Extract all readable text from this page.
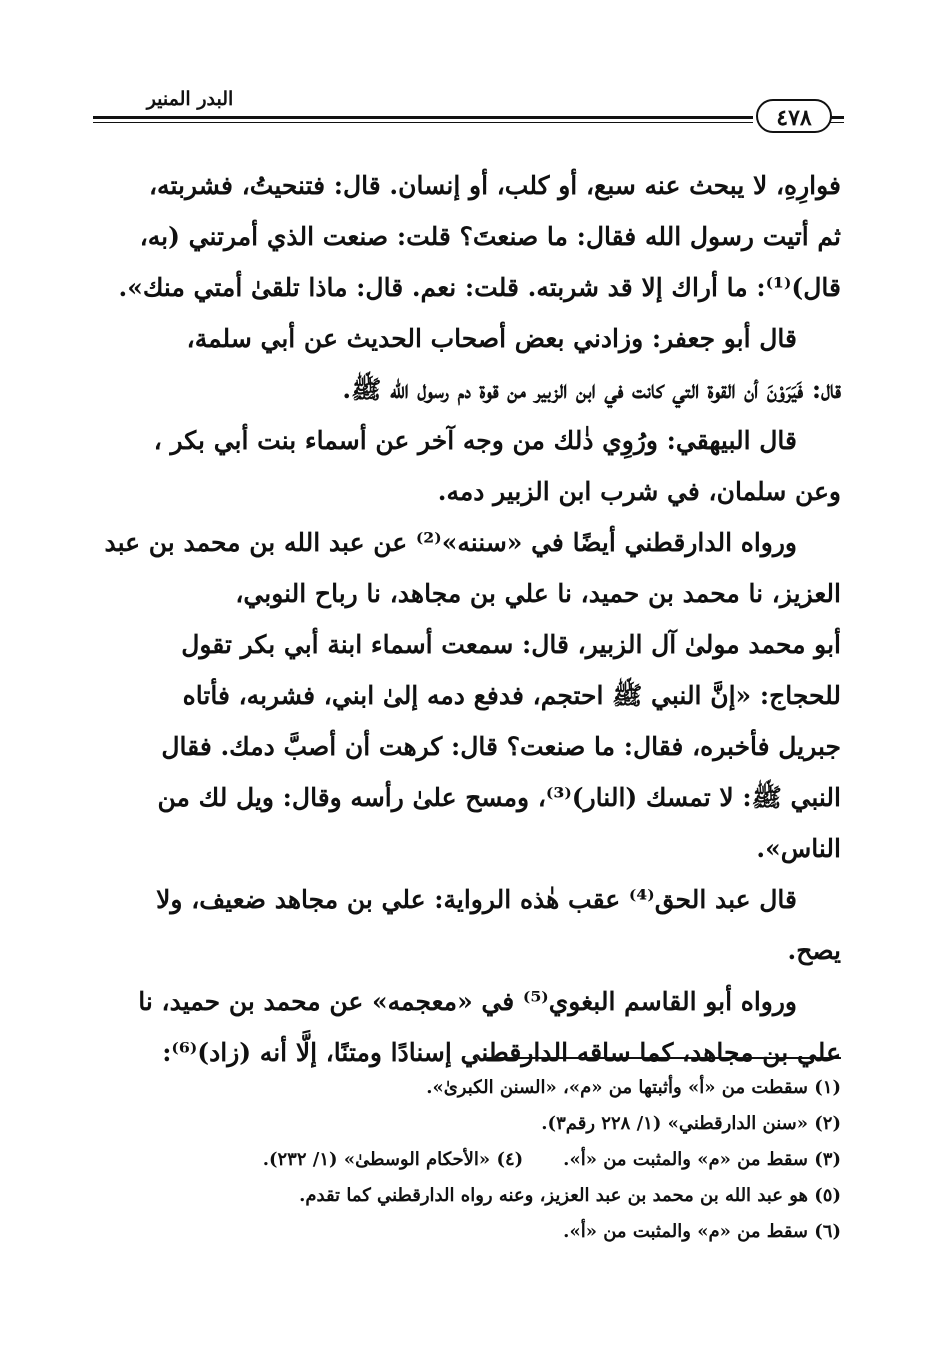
البدر المنير
٤٧٨
فوارِهِ، لا يبحث عنه سبع، أو كلب، أو إنسان. قال: فتنحيتُ، فشربته،
ثم أتيت رسول الله فقال: ما صنعتَ؟ قلت: صنعت الذي أمرتني (به،
قال)⁽¹⁾: ما أراك إلا قد شربته. قلت: نعم. قال: ماذا تلقىٰ أمتي منك».
قال أبو جعفر: وزادني بعض أصحاب الحديث عن أبي سلمة،
قال: فَيَرَوْنَ أن القوة التي كانت في ابن الزبير من قوة دم رسول الله ﷺ.
قال البيهقي: ورُوِي ذٰلك من وجه آخر عن أسماء بنت أبي بكر ،
وعن سلمان، في شرب ابن الزبير دمه.
ورواه الدارقطني أيضًا في «سننه»⁽²⁾ عن عبد الله بن محمد بن عبد
العزيز، نا محمد بن حميد، نا علي بن مجاهد، نا رباح النوبي،
أبو محمد مولىٰ آل الزبير، قال: سمعت أسماء ابنة أبي بكر تقول
للحجاج: «إنَّ النبي ﷺ احتجم، فدفع دمه إلىٰ ابني، فشربه، فأتاه
جبريل فأخبره، فقال: ما صنعت؟ قال: كرهت أن أصبَّ دمك. فقال
النبي ﷺ: لا تمسك (النار)⁽³⁾، ومسح علىٰ رأسه وقال: ويل لك من
الناس».
قال عبد الحق⁽⁴⁾ عقب هٰذه الرواية: علي بن مجاهد ضعيف، ولا
يصح.
ورواه أبو القاسم البغوي⁽⁵⁾ في «معجمه» عن محمد بن حميد، نا
علي بن مجاهد، كما ساقه الدارقطني إسنادًا ومتنًا، إلَّا أنه (زاد)⁽⁶⁾:
(١) سقطت من «أ» وأثبتها من «م»، «السنن الكبرىٰ».
(٢) «سنن الدارقطني» (١/ ٢٢٨ رقم٣).
(٣) سقط من «م» والمثبت من «أ».(٤) «الأحكام الوسطىٰ» (١/ ٢٣٢).
(٥) هو عبد الله بن محمد بن عبد العزيز، وعنه رواه الدارقطني كما تقدم.
(٦) سقط من «م» والمثبت من «أ».
